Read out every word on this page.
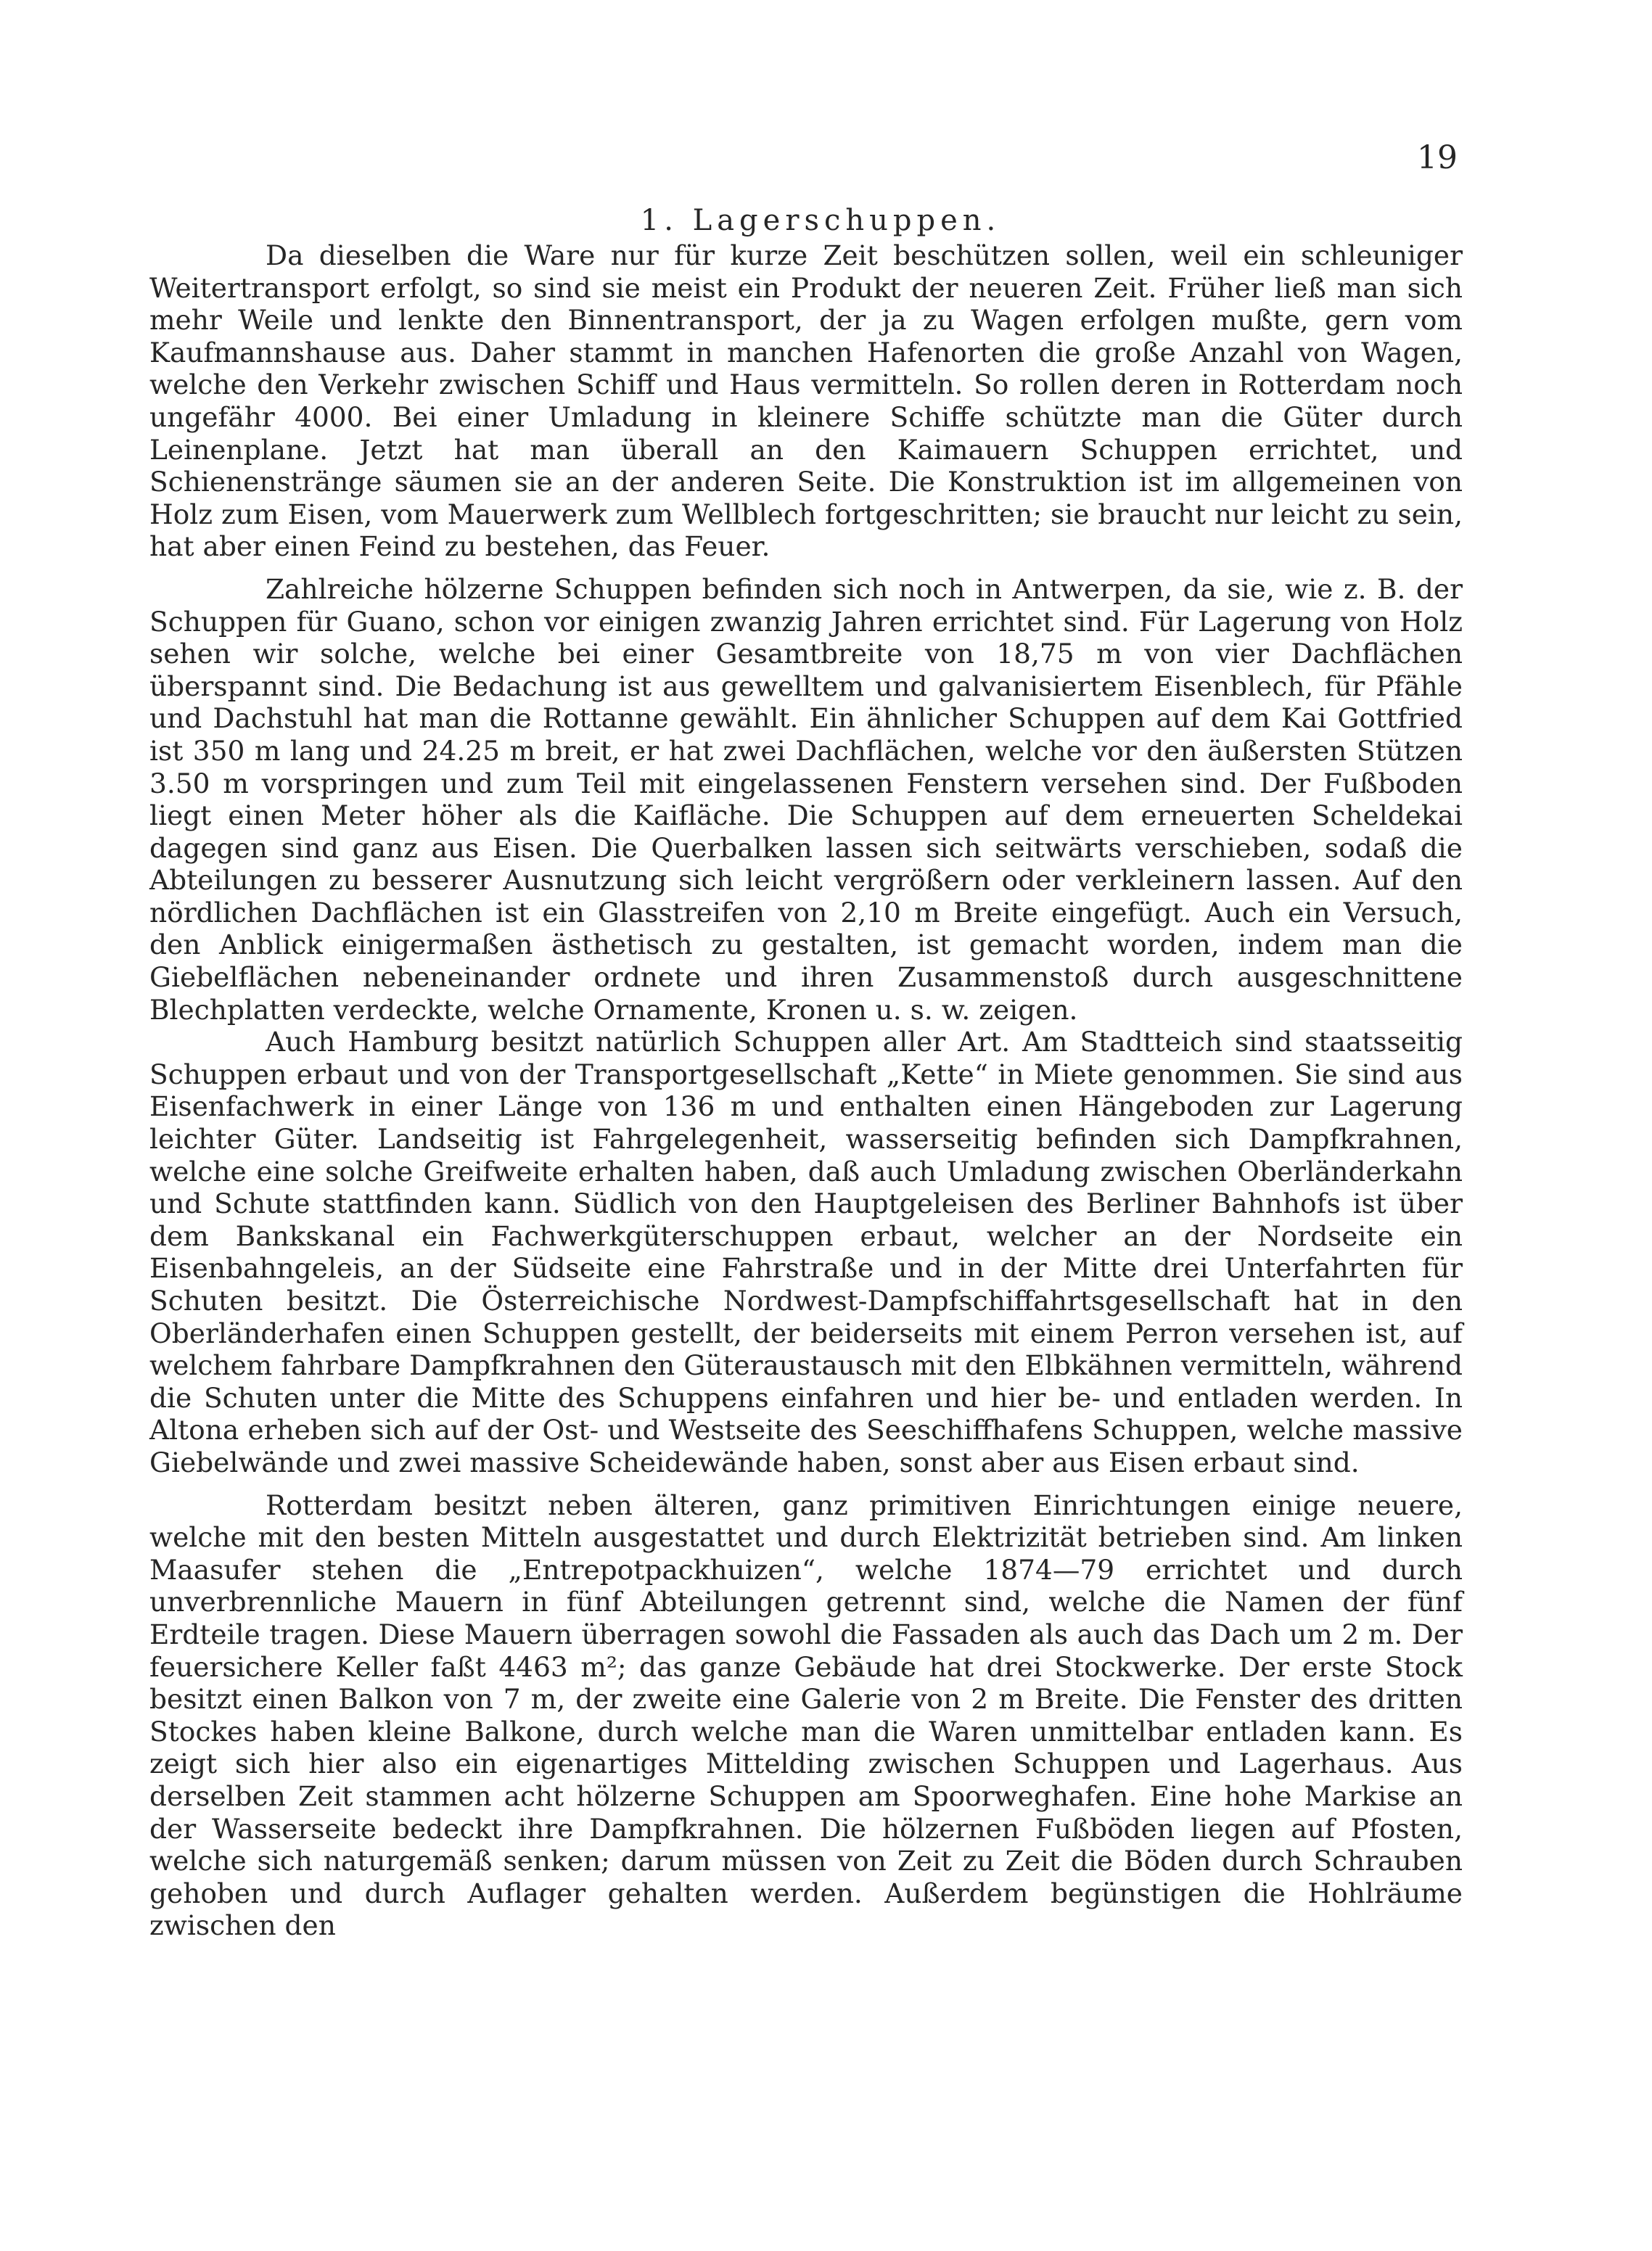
19

1. Lagerschuppen.

Da dieselben die Ware nur für kurze Zeit beschützen sollen, weil ein schleuniger Weitertransport erfolgt, so sind sie meist ein Produkt der neueren Zeit. Früher ließ man sich mehr Weile und lenkte den Binnentransport, der ja zu Wagen erfolgen mußte, gern vom Kaufmannshause aus. Daher stammt in manchen Hafenorten die große Anzahl von Wagen, welche den Verkehr zwischen Schiff und Haus vermitteln. So rollen deren in Rotterdam noch ungefähr 4000. Bei einer Umladung in kleinere Schiffe schützte man die Güter durch Leinenplane. Jetzt hat man überall an den Kaimauern Schuppen errichtet, und Schienenstränge säumen sie an der anderen Seite. Die Konstruktion ist im allgemeinen von Holz zum Eisen, vom Mauerwerk zum Wellblech fortgeschritten; sie braucht nur leicht zu sein, hat aber einen Feind zu bestehen, das Feuer.

Zahlreiche hölzerne Schuppen befinden sich noch in Antwerpen, da sie, wie z. B. der Schuppen für Guano, schon vor einigen zwanzig Jahren errichtet sind. Für Lagerung von Holz sehen wir solche, welche bei einer Gesamtbreite von 18,75 m von vier Dachflächen überspannt sind. Die Bedachung ist aus gewelltem und galvanisiertem Eisenblech, für Pfähle und Dachstuhl hat man die Rottanne gewählt. Ein ähnlicher Schuppen auf dem Kai Gottfried ist 350 m lang und 24.25 m breit, er hat zwei Dachflächen, welche vor den äußersten Stützen 3.50 m vorspringen und zum Teil mit eingelassenen Fenstern versehen sind. Der Fußboden liegt einen Meter höher als die Kaifläche. Die Schuppen auf dem erneuerten Scheldekai dagegen sind ganz aus Eisen. Die Querbalken lassen sich seitwärts verschieben, sodaß die Abteilungen zu besserer Ausnutzung sich leicht vergrößern oder verkleinern lassen. Auf den nördlichen Dachflächen ist ein Glasstreifen von 2,10 m Breite eingefügt. Auch ein Versuch, den Anblick einigermaßen ästhetisch zu gestalten, ist gemacht worden, indem man die Giebelflächen nebeneinander ordnete und ihren Zusammenstoß durch ausgeschnittene Blechplatten verdeckte, welche Ornamente, Kronen u. s. w. zeigen.

Auch Hamburg besitzt natürlich Schuppen aller Art. Am Stadtteich sind staatsseitig Schuppen erbaut und von der Transportgesellschaft „Kette“ in Miete genommen. Sie sind aus Eisenfachwerk in einer Länge von 136 m und enthalten einen Hängeboden zur Lagerung leichter Güter. Landseitig ist Fahrgelegenheit, wasserseitig befinden sich Dampfkrahnen, welche eine solche Greifweite erhalten haben, daß auch Umladung zwischen Oberländerkahn und Schute stattfinden kann. Südlich von den Hauptgeleisen des Berliner Bahnhofs ist über dem Bankskanal ein Fachwerkgüterschuppen erbaut, welcher an der Nordseite ein Eisenbahngeleis, an der Südseite eine Fahrstraße und in der Mitte drei Unterfahrten für Schuten besitzt. Die Österreichische Nordwest-Dampfschiffahrtsgesellschaft hat in den Oberländerhafen einen Schuppen gestellt, der beiderseits mit einem Perron versehen ist, auf welchem fahrbare Dampfkrahnen den Güteraustausch mit den Elbkähnen vermitteln, während die Schuten unter die Mitte des Schuppens einfahren und hier be- und entladen werden. In Altona erheben sich auf der Ost- und Westseite des Seeschiffhafens Schuppen, welche massive Giebelwände und zwei massive Scheidewände haben, sonst aber aus Eisen erbaut sind.

Rotterdam besitzt neben älteren, ganz primitiven Einrichtungen einige neuere, welche mit den besten Mitteln ausgestattet und durch Elektrizität betrieben sind. Am linken Maasufer stehen die „Entrepotpackhuizen“, welche 1874—79 errichtet und durch unverbrennliche Mauern in fünf Abteilungen getrennt sind, welche die Namen der fünf Erdteile tragen. Diese Mauern überragen sowohl die Fassaden als auch das Dach um 2 m. Der feuersichere Keller faßt 4463 m²; das ganze Gebäude hat drei Stockwerke. Der erste Stock besitzt einen Balkon von 7 m, der zweite eine Galerie von 2 m Breite. Die Fenster des dritten Stockes haben kleine Balkone, durch welche man die Waren unmittelbar entladen kann. Es zeigt sich hier also ein eigenartiges Mittelding zwischen Schuppen und Lagerhaus. Aus derselben Zeit stammen acht hölzerne Schuppen am Spoorweghafen. Eine hohe Markise an der Wasserseite bedeckt ihre Dampfkrahnen. Die hölzernen Fußböden liegen auf Pfosten, welche sich naturgemäß senken; darum müssen von Zeit zu Zeit die Böden durch Schrauben gehoben und durch Auflager gehalten werden. Außerdem begünstigen die Hohlräume zwischen den
